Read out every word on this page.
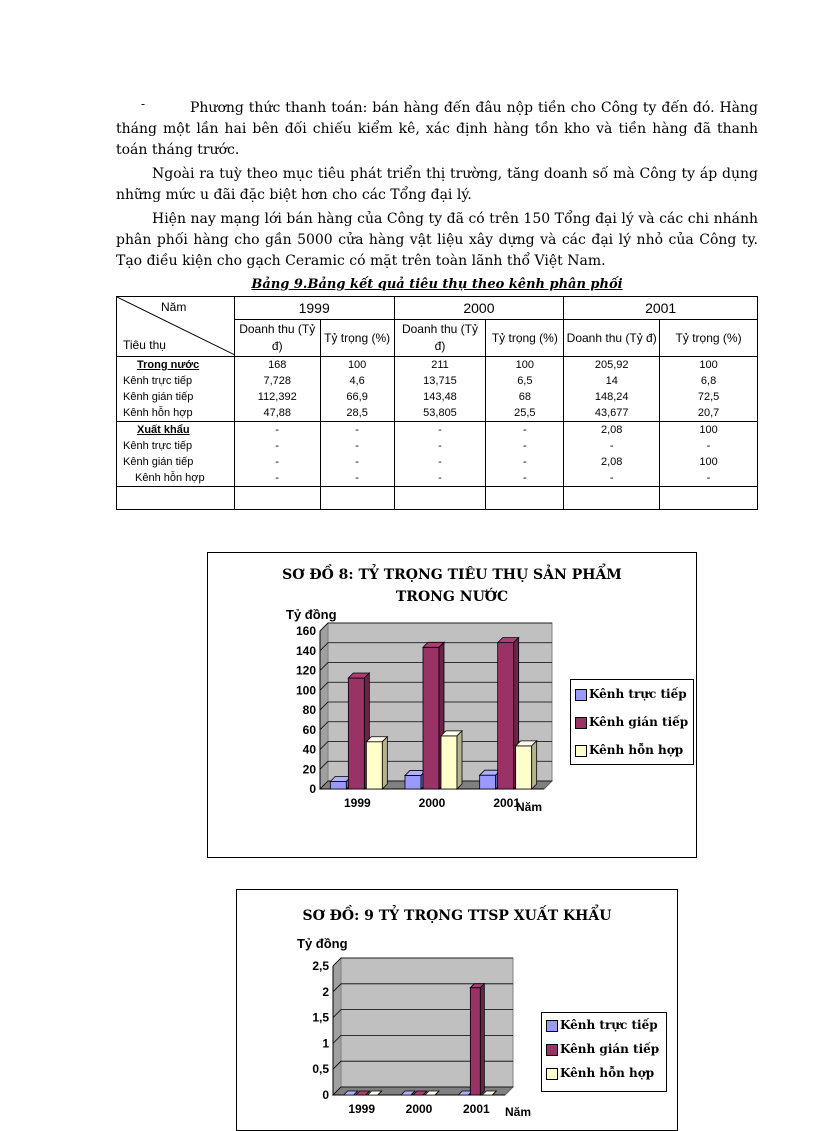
-	Phương thức thanh toán: bán hàng đến đâu nộp tiền cho Công ty đến đó. Hàng tháng một lần hai bên đối chiếu kiểm kê, xác định hàng tồn kho và tiền hàng đã thanh toán tháng trước.
Ngoài ra tuỳ theo mục tiêu phát triển thị trường, tăng doanh số mà Công ty áp dụng những mức u đãi đặc biệt hơn cho các Tổng đại lý.
Hiện nay mạng lới bán hàng của Công ty đã có trên 150 Tổng đại lý và các chi nhánh phân phối hàng cho gần 5000 cửa hàng vật liệu xây dựng và các đại lý nhỏ của Công ty. Tạo điều kiện cho gạch Ceramic có mặt trên toàn lãnh thổ Việt Nam.
Bảng 9.Bảng kết quả tiêu thụ theo kênh phân phối
Năm
Tiêu thụ	1999		2000		2001	
	Doanh thu (Tỷ đ)	Tỷ trọng (%)	Doanh thu (Tỷ đ)	Tỷ trọng (%)	Doanh thu (Tỷ đ)	Tỷ trọng (%)
Trong nước	168	100	211	100	205,92	100
Kênh trực tiếp	7,728	4,6	13,715	6,5	14	6,8
Kênh gián tiếp	112,392	66,9	143,48	68	148,24	72,5
Kênh hỗn hợp	47,88	28,5	53,805	25,5	43,677	20,7
Xuất khẩu	-	-	-	-	2,08	100
Kênh trực tiếp	-	-	-	-	-	-
Kênh gián tiếp	-	-	-	-	2,08	100
Kênh hỗn hợp	-	-	-	-	-	-

SƠ ĐỒ 8: TỶ TRỌNG TIÊU THỤ SẢN PHẨM
TRONG NƯỚC
0
20
40
60
80
100
120
140
160
1999	2000	2001
Tỷ đồng
Năm
Kênh trực tiếp
Kênh gián tiếp
Kênh hỗn hợp
SƠ ĐỒ: 9 TỶ TRỌNG TTSP XUẤT KHẨU
0
0,5
1
1,5
2
2,5
1999	2000	2001
Tỷ đồng
Năm
Kênh trực tiếp
Kênh gián tiếp
Kênh hỗn hợp
